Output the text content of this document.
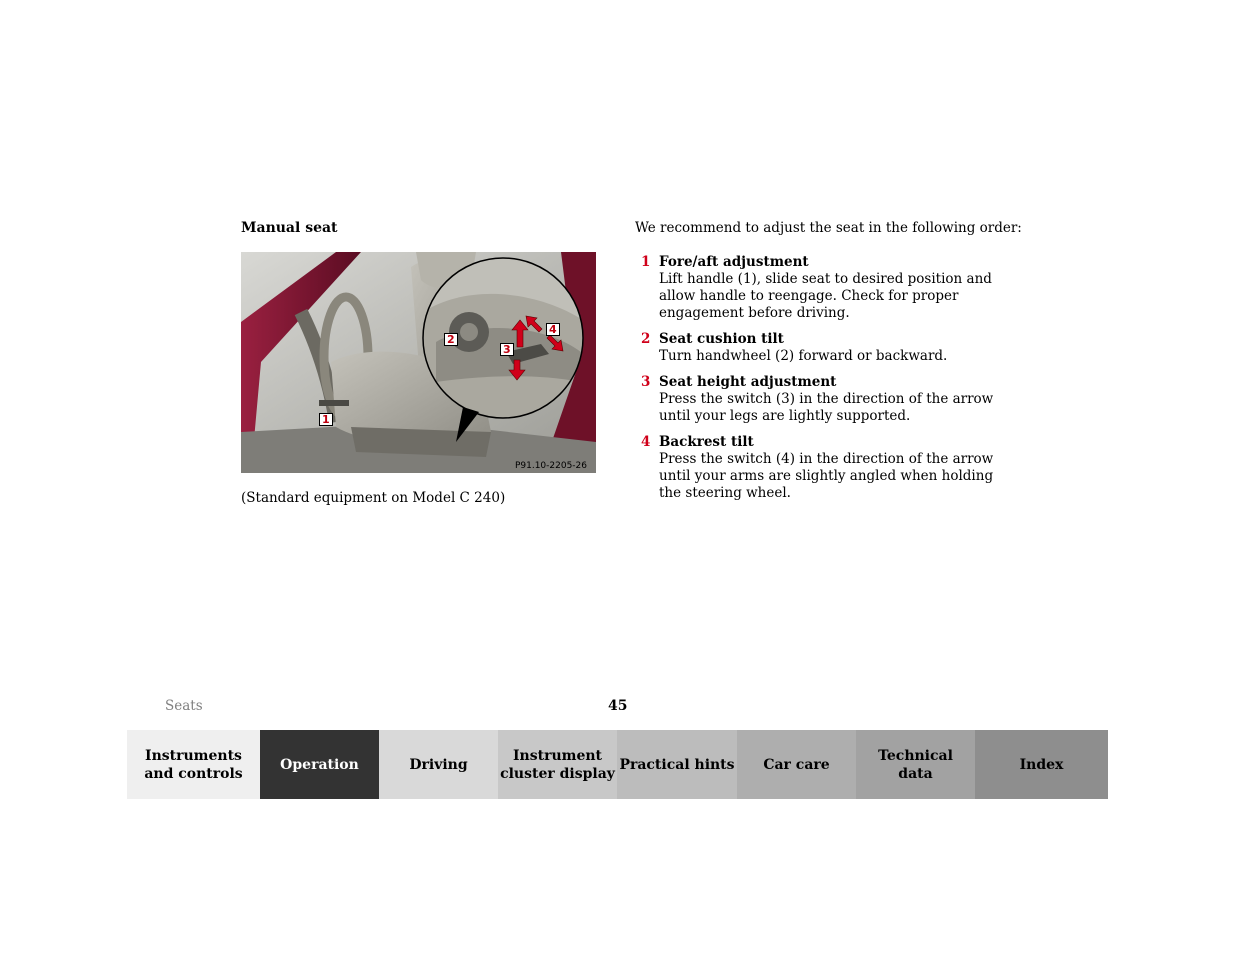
Manual seat
1
2
3
4
P91.10-2205-26
(Standard equipment on Model C 240)
We recommend to adjust the seat in the following order:
1 Fore/aft adjustment
Lift handle (1), slide seat to desired position and allow handle to reengage. Check for proper engagement before driving.
2 Seat cushion tilt
Turn handwheel (2) forward or backward.
3 Seat height adjustment
Press the switch (3) in the direction of the arrow until your legs are lightly supported.
4 Backrest tilt
Press the switch (4) in the direction of the arrow until your arms are slightly angled when holding the steering wheel.
Seats	45
Instruments
and controls
Operation	Driving
Instrument
cluster display
Practical hints	Car care
Technical
data
Index
